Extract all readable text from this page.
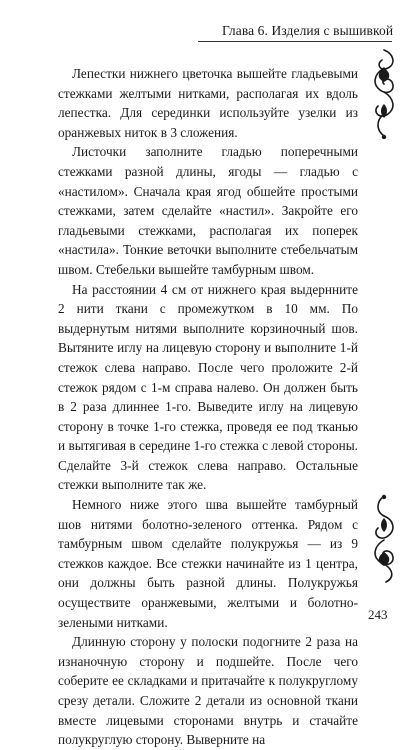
Глава 6. Изделия с вышивкой

Лепестки нижнего цветочка вышейте гладьевыми стежками желтыми нитками, располагая их вдоль лепестка. Для серединки используйте узелки из оранжевых ниток в 3 сложения.

Листочки заполните гладью поперечными стежками разной длины, ягоды — гладью с «настилом». Сначала края ягод обшейте простыми стежками, затем сделайте «настил». Закройте его гладьевыми стежками, располагая их поперек «настила». Тонкие веточки выполните стебельчатым швом. Стебельки вышейте тамбурным швом.

На расстоянии 4 см от нижнего края выдернните 2 нити ткани с промежутком в 10 мм. По выдернутым нитями выполните корзиночный шов. Вытяните иглу на лицевую сторону и выполните 1-й стежок слева направо. После чего проложите 2-й стежок рядом с 1-м справа налево. Он должен быть в 2 раза длиннее 1-го. Выведите иглу на лицевую сторону в точке 1-го стежка, проведя ее под тканью и вытягивая в середине 1-го стежка с левой стороны. Сделайте 3-й стежок слева направо. Остальные стежки выполните так же.

Немного ниже этого шва вышейте тамбурный шов нитями болотно-зеленого оттенка. Рядом с тамбурным швом сделайте полукружья — из 9 стежков каждое. Все стежки начинайте из 1 центра, они должны быть разной длины. Полукружья осуществите оранжевыми, желтыми и болотно-зелеными нитками.

Длинную сторону у полоски подогните 2 раза на изнаночную сторону и подшейте. После чего соберите ее складками и притачайте к полукруглому срезу детали. Сложите 2 детали из основной ткани вместе лицевыми сторонами внутрь и стачайте полукруглую сторону. Выверните на

243
